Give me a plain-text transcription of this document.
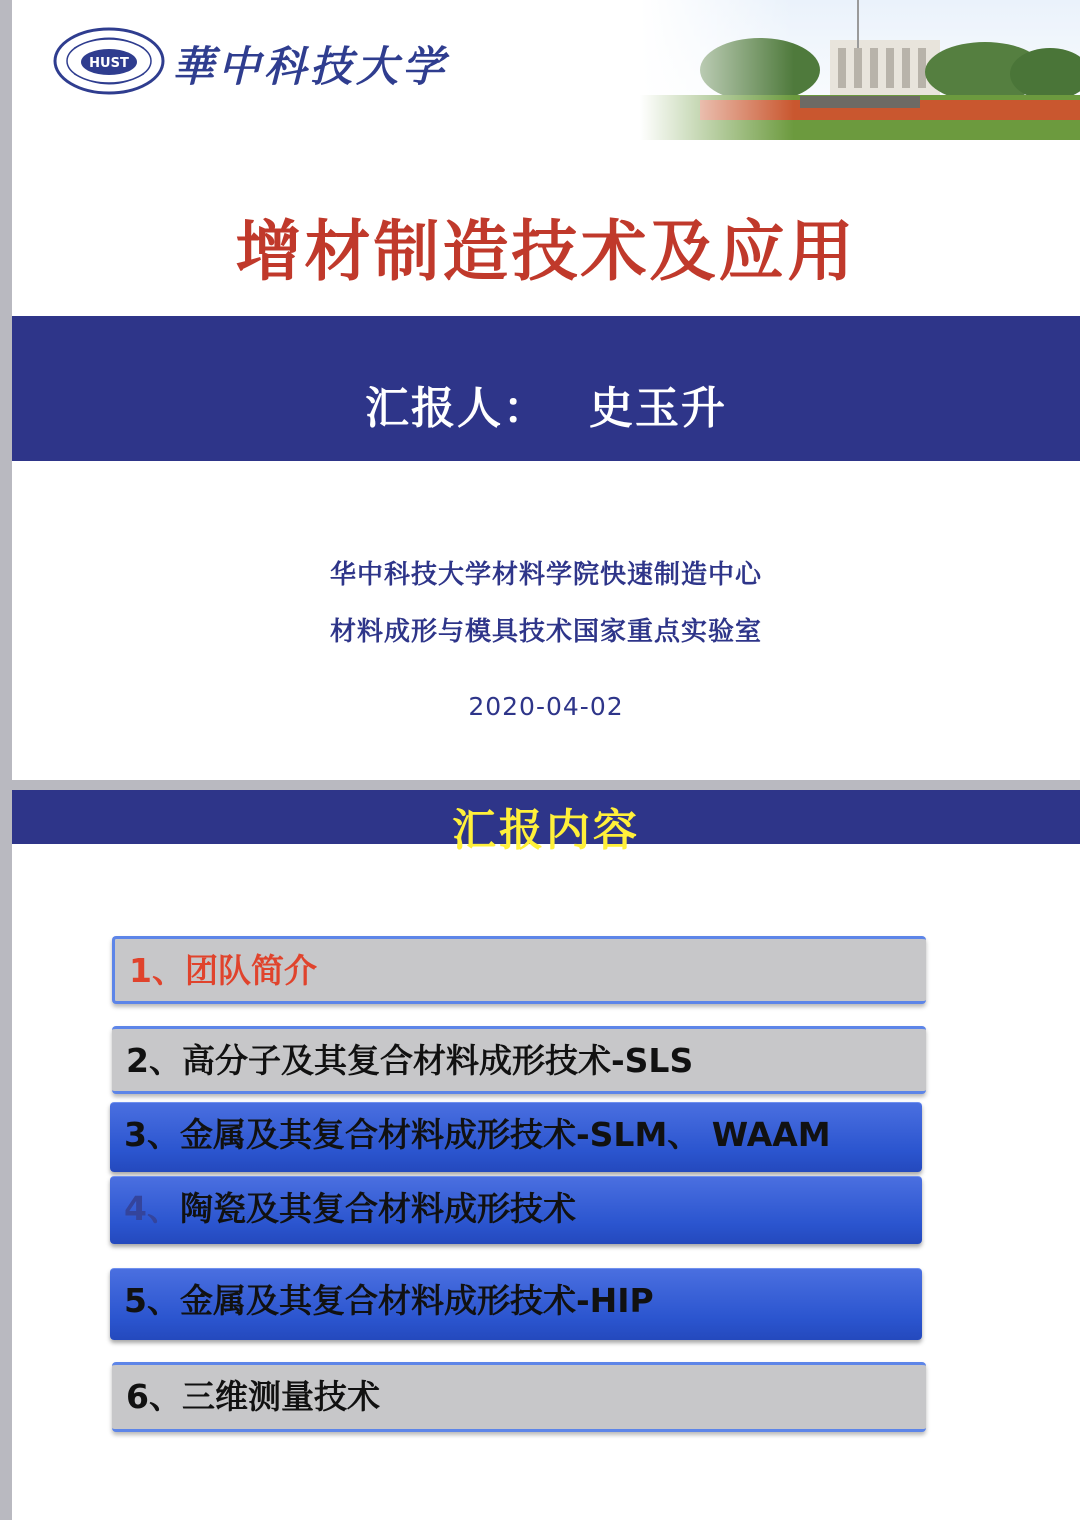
HUST 華中科技大学
增材制造技术及应用
汇报人： 史玉升
华中科技大学材料学院快速制造中心
材料成形与模具技术国家重点实验室
2020-04-02
汇报内容
1、团队简介
2、高分子及其复合材料成形技术-SLS
3、金属及其复合材料成形技术-SLM、 WAAM
4、陶瓷及其复合材料成形技术
5、金属及其复合材料成形技术-HIP
6、三维测量技术
